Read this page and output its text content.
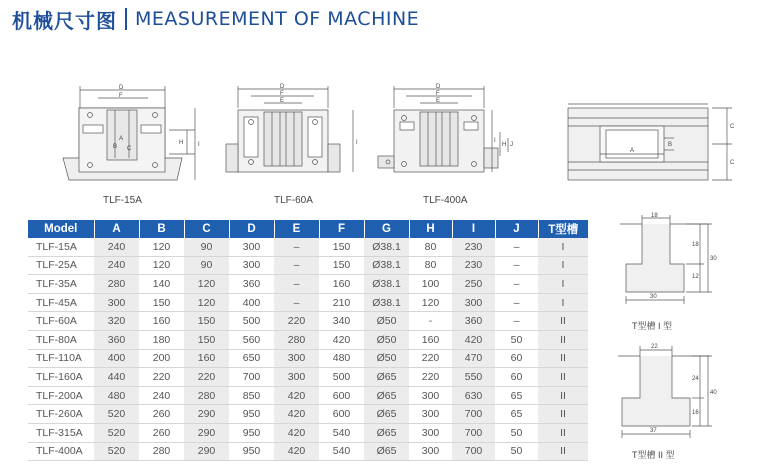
机械尺寸图 MEASUREMENT OF MACHINE
D
F
H I
A
B C
TLF-15A
D
F
E
I
TLF-60A
D
F
E
H
I
J
TLF-400A
C
C
A
B
Model	A	B	C	D	E	F	G	H	I	J	T型槽
TLF-15A	240	120	90	300	–	150	Ø38.1	80	230	–	I
TLF-25A	240	120	90	300	–	150	Ø38.1	80	230	–	I
TLF-35A	280	140	120	360	–	160	Ø38.1	100	250	–	I
TLF-45A	300	150	120	400	–	210	Ø38.1	120	300	–	I
TLF-60A	320	160	150	500	220	340	Ø50	-	360	–	II
TLF-80A	360	180	150	560	280	420	Ø50	160	420	50	II
TLF-110A	400	200	160	650	300	480	Ø50	220	470	60	II
TLF-160A	440	220	220	700	300	500	Ø65	220	550	60	II
TLF-200A	480	240	280	850	420	600	Ø65	300	630	65	II
TLF-260A	520	260	290	950	420	600	Ø65	300	700	65	II
TLF-315A	520	260	290	950	420	540	Ø65	300	700	50	II
TLF-400A	520	280	290	950	420	540	Ø65	300	700	50	II
18
18
12
30
30
T型槽 I 型
22
24
16
40
37
T型槽 II 型
